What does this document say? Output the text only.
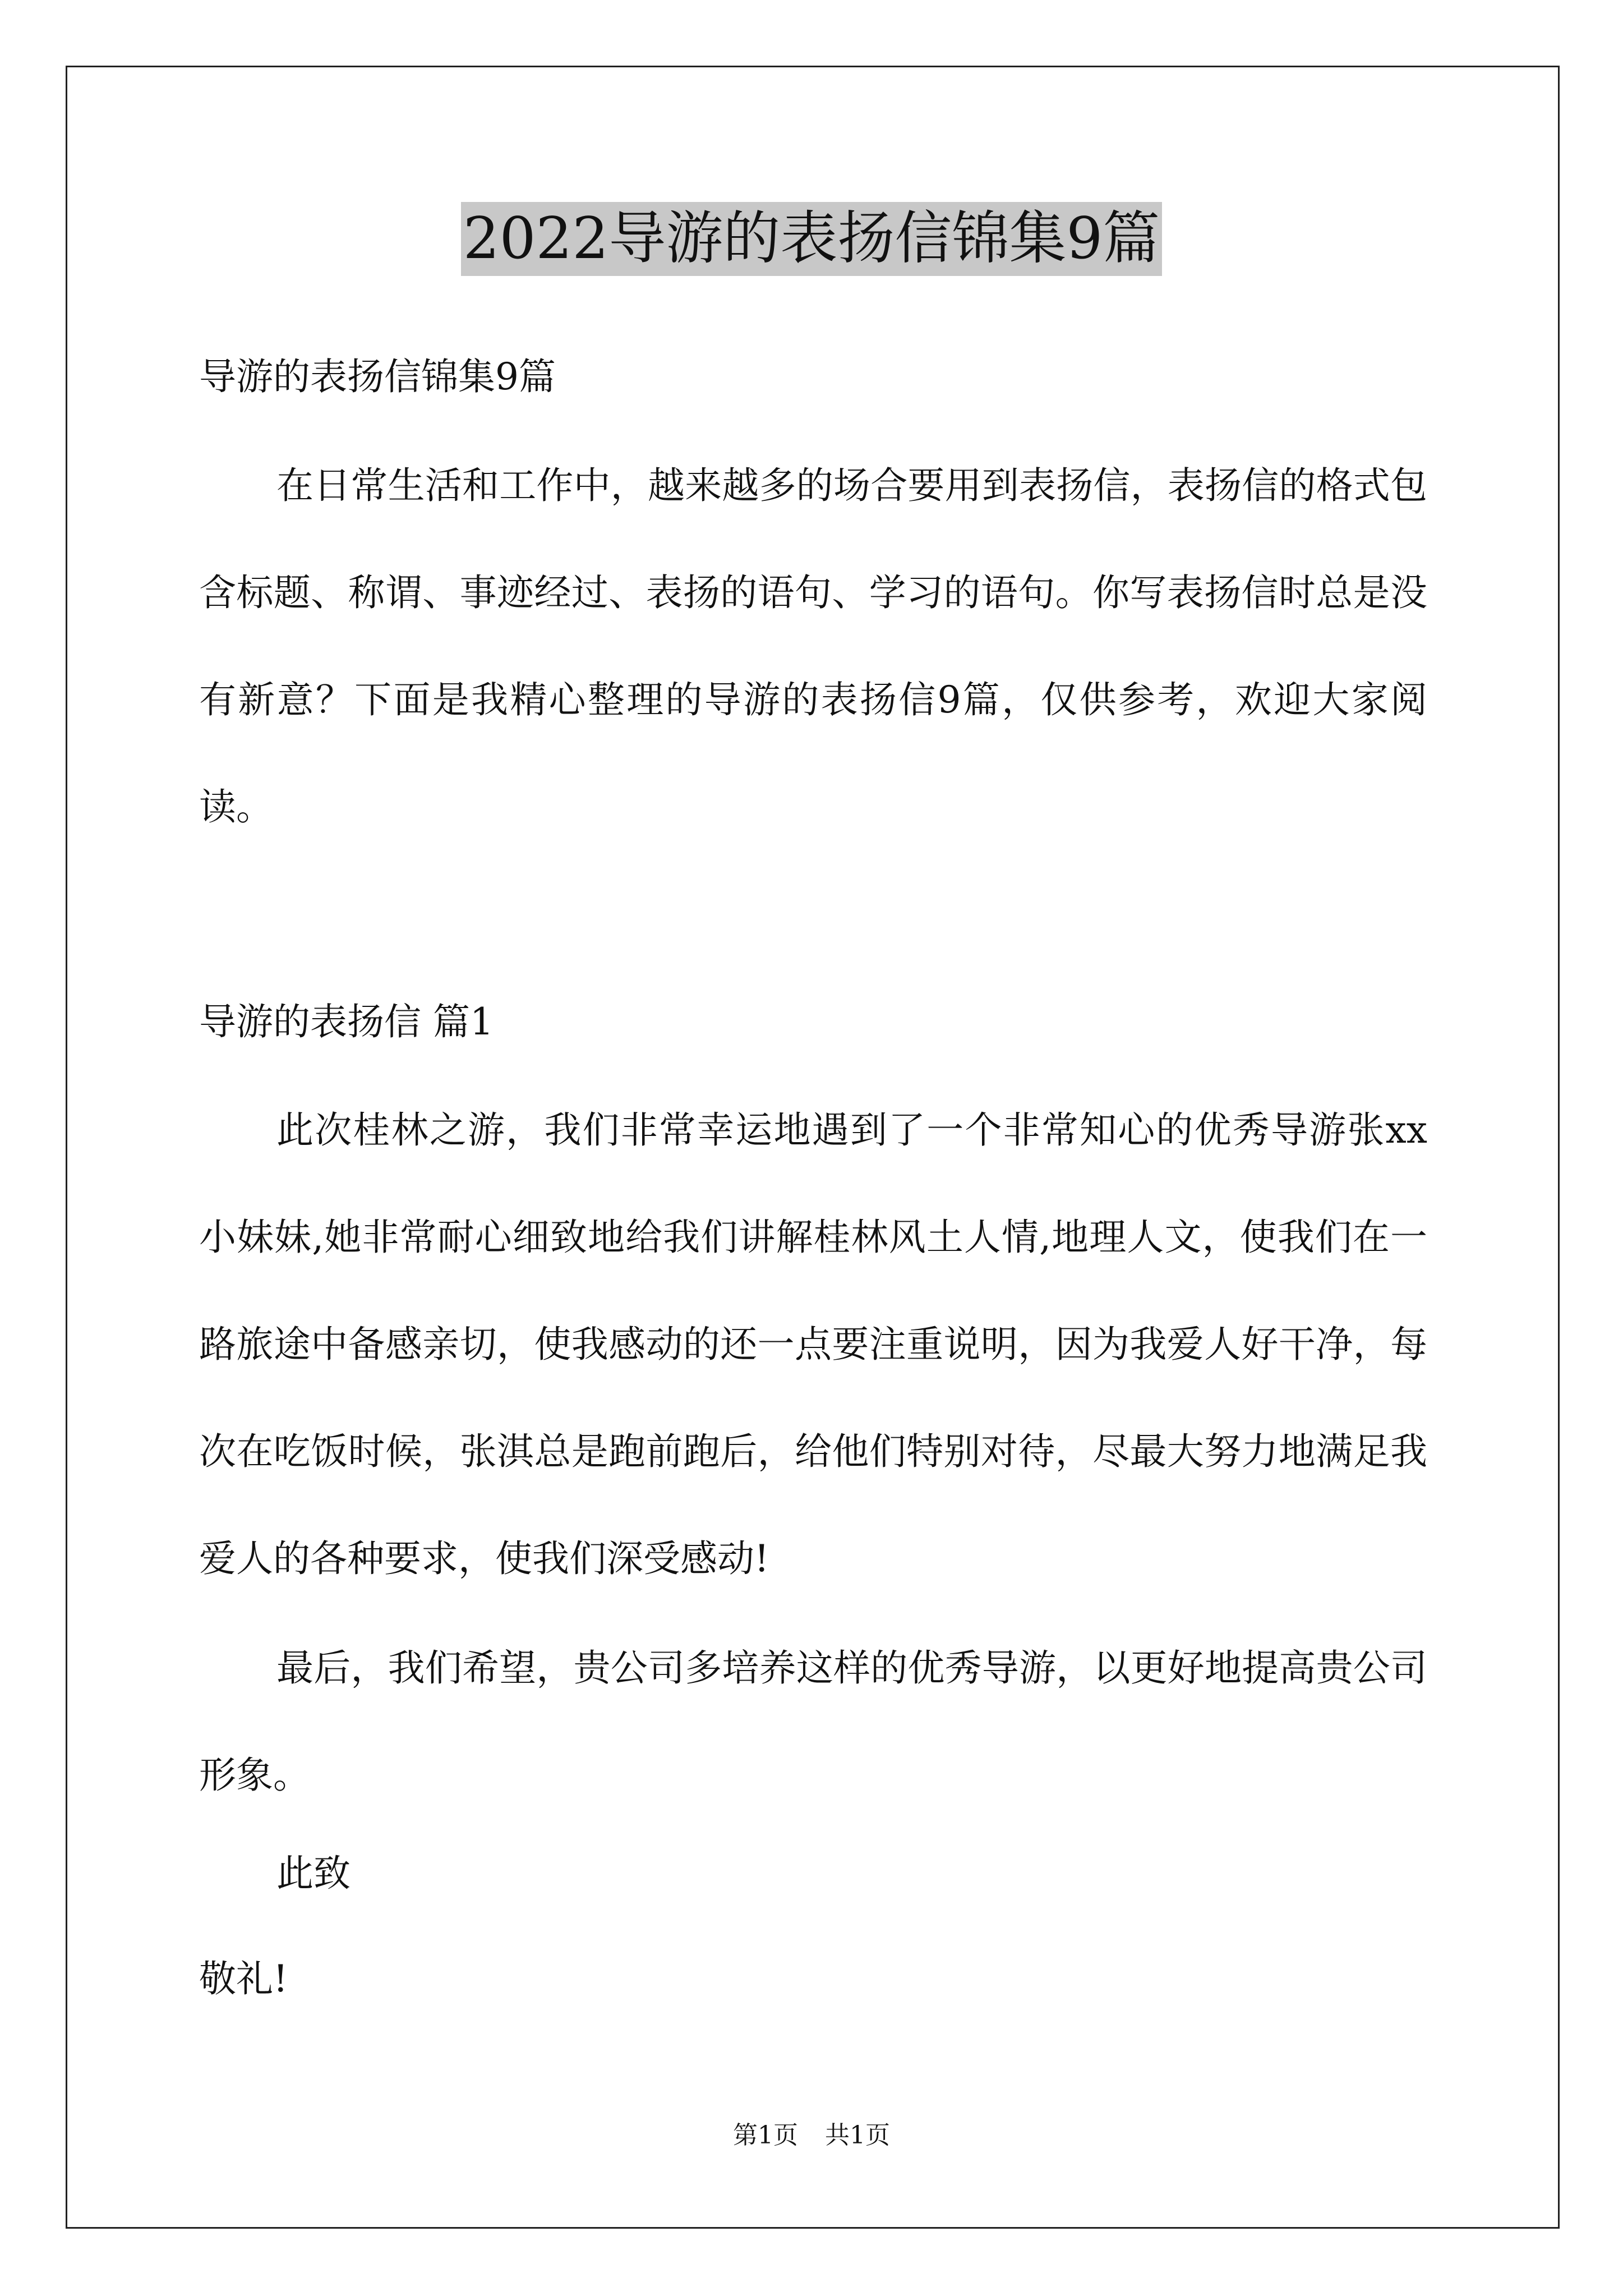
2022导游的表扬信锦集9篇
导游的表扬信锦集9篇
在日常生活和工作中，越来越多的场合要用到表扬信，表扬信的格式包含标题、称谓、事迹经过、表扬的语句、学习的语句。你写表扬信时总是没有新意？下面是我精心整理的导游的表扬信9篇，仅供参考，欢迎大家阅读。
导游的表扬信 篇1
此次桂林之游，我们非常幸运地遇到了一个非常知心的优秀导游张xx小妹妹,她非常耐心细致地给我们讲解桂林风土人情,地理人文，使我们在一路旅途中备感亲切，使我感动的还一点要注重说明，因为我爱人好干净，每次在吃饭时候，张淇总是跑前跑后，给他们特别对待，尽最大努力地满足我爱人的各种要求，使我们深受感动!
最后，我们希望，贵公司多培养这样的优秀导游，以更好地提高贵公司形象。
此致
敬礼!
第1页 共1页
